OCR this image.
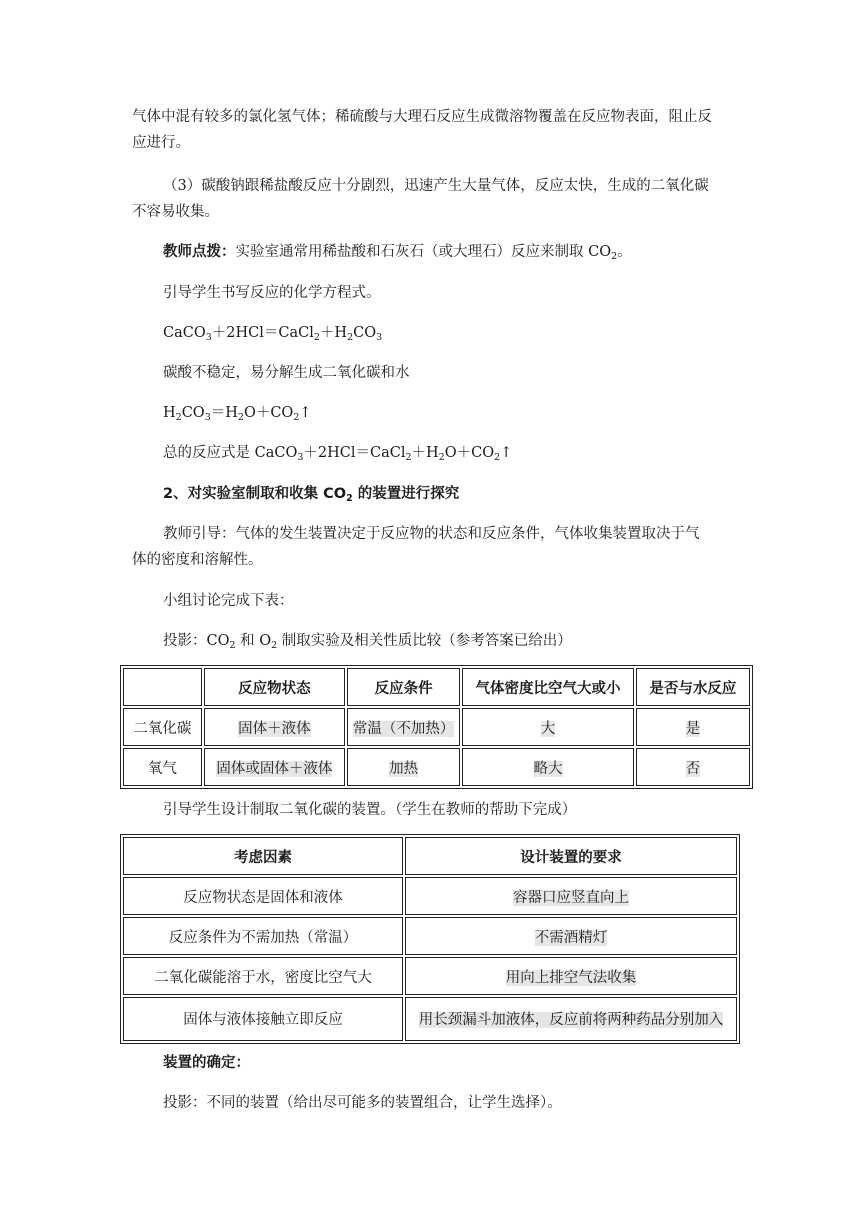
气体中混有较多的氯化氢气体；稀硫酸与大理石反应生成微溶物覆盖在反应物表面，阻止反
应进行。
（3）碳酸钠跟稀盐酸反应十分剧烈，迅速产生大量气体，反应太快，生成的二氧化碳
不容易收集。
教师点拨：实验室通常用稀盐酸和石灰石（或大理石）反应来制取 $CO_2$。
引导学生书写反应的化学方程式。
$CaCO_3+2HCl=CaCl_2+H_2CO_3$
碳酸不稳定，易分解生成二氧化碳和水
$H_2CO_3=H_2O+CO_2↑$
总的反应式是 $CaCO_3+2HCl=CaCl_2+H_2O+CO_2↑$
2、对实验室制取和收集 $CO_2$ 的装置进行探究
教师引导：气体的发生装置决定于反应物的状态和反应条件，气体收集装置取决于气
体的密度和溶解性。
小组讨论完成下表：
投影：$CO_2$ 和 $O_2$ 制取实验及相关性质比较（参考答案已给出）
	反应物状态	反应条件	气体密度比空气大或小	是否与水反应
二氧化碳	固体＋液体	常温（不加热）	大	是
氧气	固体或固体＋液体	加热	略大	否
引导学生设计制取二氧化碳的装置。（学生在教师的帮助下完成）
考虑因素	设计装置的要求
反应物状态是固体和液体	容器口应竖直向上
反应条件为不需加热（常温）	不需酒精灯
二氧化碳能溶于水，密度比空气大	用向上排空气法收集
固体与液体接触立即反应	用长颈漏斗加液体，反应前将两种药品分别加入
装置的确定：
投影：不同的装置（给出尽可能多的装置组合，让学生选择）。
